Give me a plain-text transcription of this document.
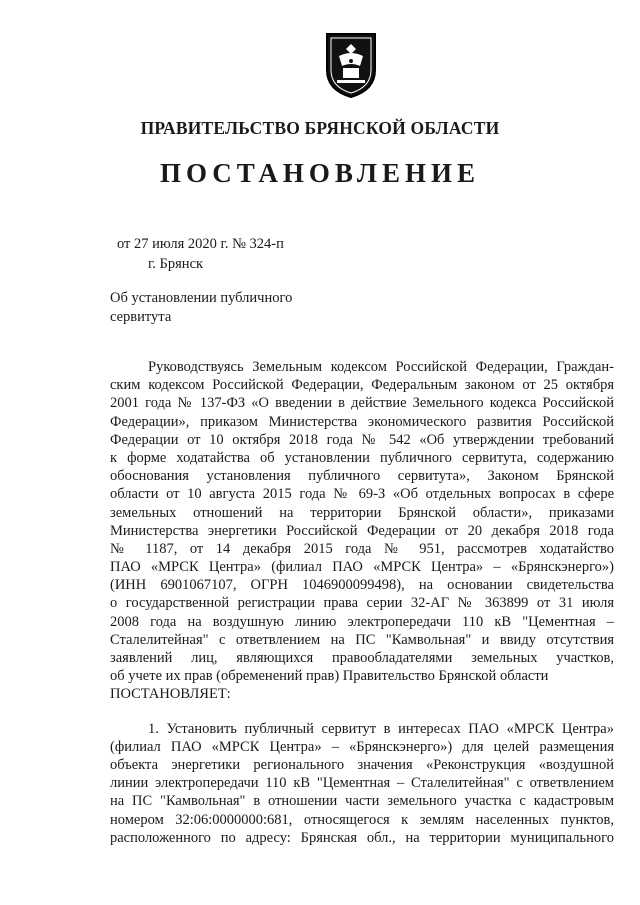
ПРАВИТЕЛЬСТВО БРЯНСКОЙ ОБЛАСТИ
ПОСТАНОВЛЕНИЕ
от 27 июля 2020 г. № 324-п
г. Брянск
Об установлении публичного
сервитута
Руководствуясь Земельным кодексом Российской Федерации, Граждан-
ским кодексом Российской Федерации, Федеральным законом от 25 октября
2001 года № 137-ФЗ «О введении в действие Земельного кодекса Российской
Федерации», приказом Министерства экономического развития Российской
Федерации от 10 октября 2018 года № 542 «Об утверждении требований
к форме ходатайства об установлении публичного сервитута, содержанию
обоснования установления публичного сервитута», Законом Брянской
области от 10 августа 2015 года № 69-З «Об отдельных вопросах в сфере
земельных отношений на территории Брянской области», приказами
Министерства энергетики Российской Федерации от 20 декабря 2018 года
№ 1187, от 14 декабря 2015 года № 951, рассмотрев ходатайство
ПАО «МРСК Центра» (филиал ПАО «МРСК Центра» – «Брянскэнерго»)
(ИНН 6901067107, ОГРН 1046900099498), на основании свидетельства
о государственной регистрации права серии 32-АГ № 363899 от 31 июля
2008 года на воздушную линию электропередачи 110 кВ "Цементная –
Сталелитейная" с ответвлением на ПС "Камвольная" и ввиду отсутствия
заявлений лиц, являющихся правообладателями земельных участков,
об учете их прав (обременений прав) Правительство Брянской области
ПОСТАНОВЛЯЕТ:
1. Установить публичный сервитут в интересах ПАО «МРСК Центра»
(филиал ПАО «МРСК Центра» – «Брянскэнерго») для целей размещения
объекта энергетики регионального значения «Реконструкция «воздушной
линии электропередачи 110 кВ "Цементная – Сталелитейная" с ответвлением
на ПС "Камвольная" в отношении части земельного участка с кадастровым
номером 32:06:0000000:681, относящегося к землям населенных пунктов,
расположенного по адресу: Брянская обл., на территории муниципального
